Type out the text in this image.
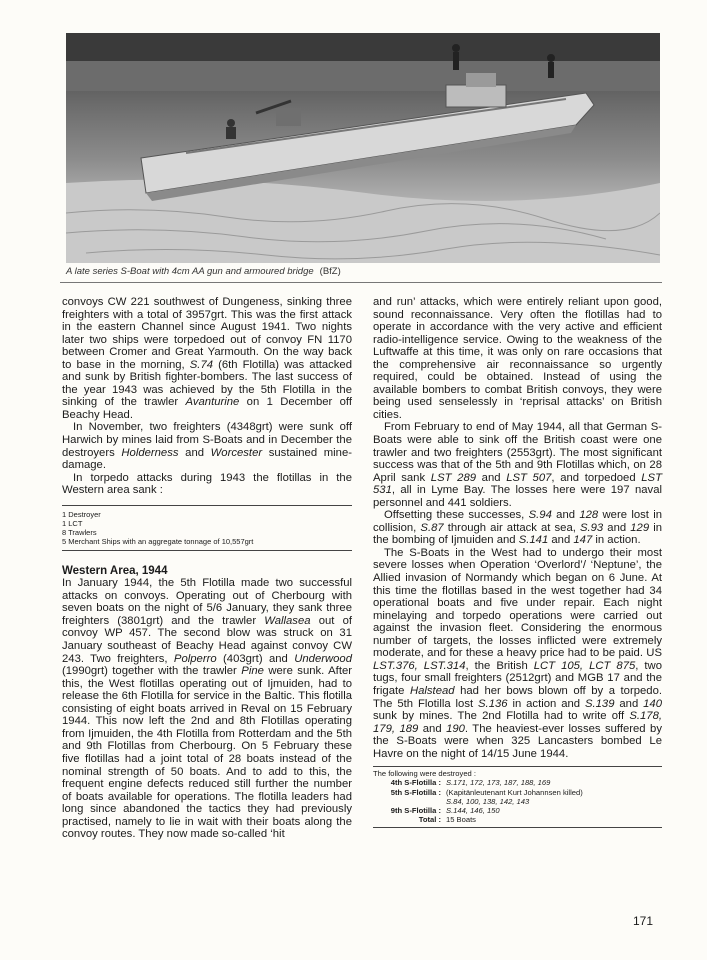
A late series S-Boat with 4cm AA gun and armoured bridge (BfZ)

convoys CW 221 southwest of Dungeness, sinking three freighters with a total of 3957grt. This was the first attack in the eastern Channel since August 1941. Two nights later two ships were torpedoed out of convoy FN 1170 between Cromer and Great Yarmouth. On the way back to base in the morning, S.74 (6th Flotilla) was attacked and sunk by British fighter-bombers. The last success of the year 1943 was achieved by the 5th Flotilla in the sinking of the trawler Avanturine on 1 December off Beachy Head.

In November, two freighters (4348grt) were sunk off Harwich by mines laid from S-Boats and in December the destroyers Holderness and Worcester sustained mine-damage.

In torpedo attacks during 1943 the flotillas in the Western area sank :

1 Destroyer
1 LCT
8 Trawlers
5 Merchant Ships with an aggregate tonnage of 10,557grt
Western Area, 1944

In January 1944, the 5th Flotilla made two successful attacks on convoys. Operating out of Cherbourg with seven boats on the night of 5/6 January, they sank three freighters (3801grt) and the trawler Wallasea out of convoy WP 457. The second blow was struck on 31 January southeast of Beachy Head against convoy CW 243. Two freighters, Polperro (403grt) and Underwood (1990grt) together with the trawler Pine were sunk. After this, the West flotillas operating out of Ijmuiden, had to release the 6th Flotilla for service in the Baltic. This flotilla consisting of eight boats arrived in Reval on 15 February 1944. This now left the 2nd and 8th Flotillas operating from Ijmuiden, the 4th Flotilla from Rotterdam and the 5th and 9th Flotillas from Cherbourg. On 5 February these five flotillas had a joint total of 28 boats instead of the nominal strength of 50 boats. And to add to this, the frequent engine defects reduced still further the number of boats available for operations. The flotilla leaders had long since abandoned the tactics they had previously practised, namely to lie in wait with their boats along the convoy routes. They now made so-called ‘hit

and run’ attacks, which were entirely reliant upon good, sound reconnaissance. Very often the flotillas had to operate in accordance with the very active and efficient radio-intelligence service. Owing to the weakness of the Luftwaffe at this time, it was only on rare occasions that the comprehensive air reconnaissance so urgently required, could be obtained. Instead of using the available bombers to combat British convoys, they were being used senselessly in ‘reprisal attacks’ on British cities.

From February to end of May 1944, all that German S-Boats were able to sink off the British coast were one trawler and two freighters (2553grt). The most significant success was that of the 5th and 9th Flotillas which, on 28 April sank LST 289 and LST 507, and torpedoed LST 531, all in Lyme Bay. The losses here were 197 naval personnel and 441 soldiers.

Offsetting these successes, S.94 and 128 were lost in collision, S.87 through air attack at sea, S.93 and 129 in the bombing of Ijmuiden and S.141 and 147 in action.

The S-Boats in the West had to undergo their most severe losses when Operation ‘Overlord’/ ‘Neptune’, the Allied invasion of Normandy which began on 6 June. At this time the flotillas based in the west together had 34 operational boats and five under repair. Each night minelaying and torpedo operations were carried out against the invasion fleet. Considering the enormous number of targets, the losses inflicted were extremely moderate, and for these a heavy price had to be paid. US LST.376, LST.314, the British LCT 105, LCT 875, two tugs, four small freighters (2512grt) and MGB 17 and the frigate Halstead had her bows blown off by a torpedo. The 5th Flotilla lost S.136 in action and S.139 and 140 sunk by mines. The 2nd Flotilla had to write off S.178, 179, 189 and 190. The heaviest-ever losses suffered by the S-Boats were when 325 Lancasters bombed Le Havre on the night of 14/15 June 1944.

The following were destroyed :
4th S-Flotilla : S.171, 172, 173, 187, 188, 169
5th S-Flotilla : (Kapitänleutenant Kurt Johannsen killed)
S.84, 100, 138, 142, 143
9th S-Flotilla : S.144, 146, 150
Total : 15 Boats
171
